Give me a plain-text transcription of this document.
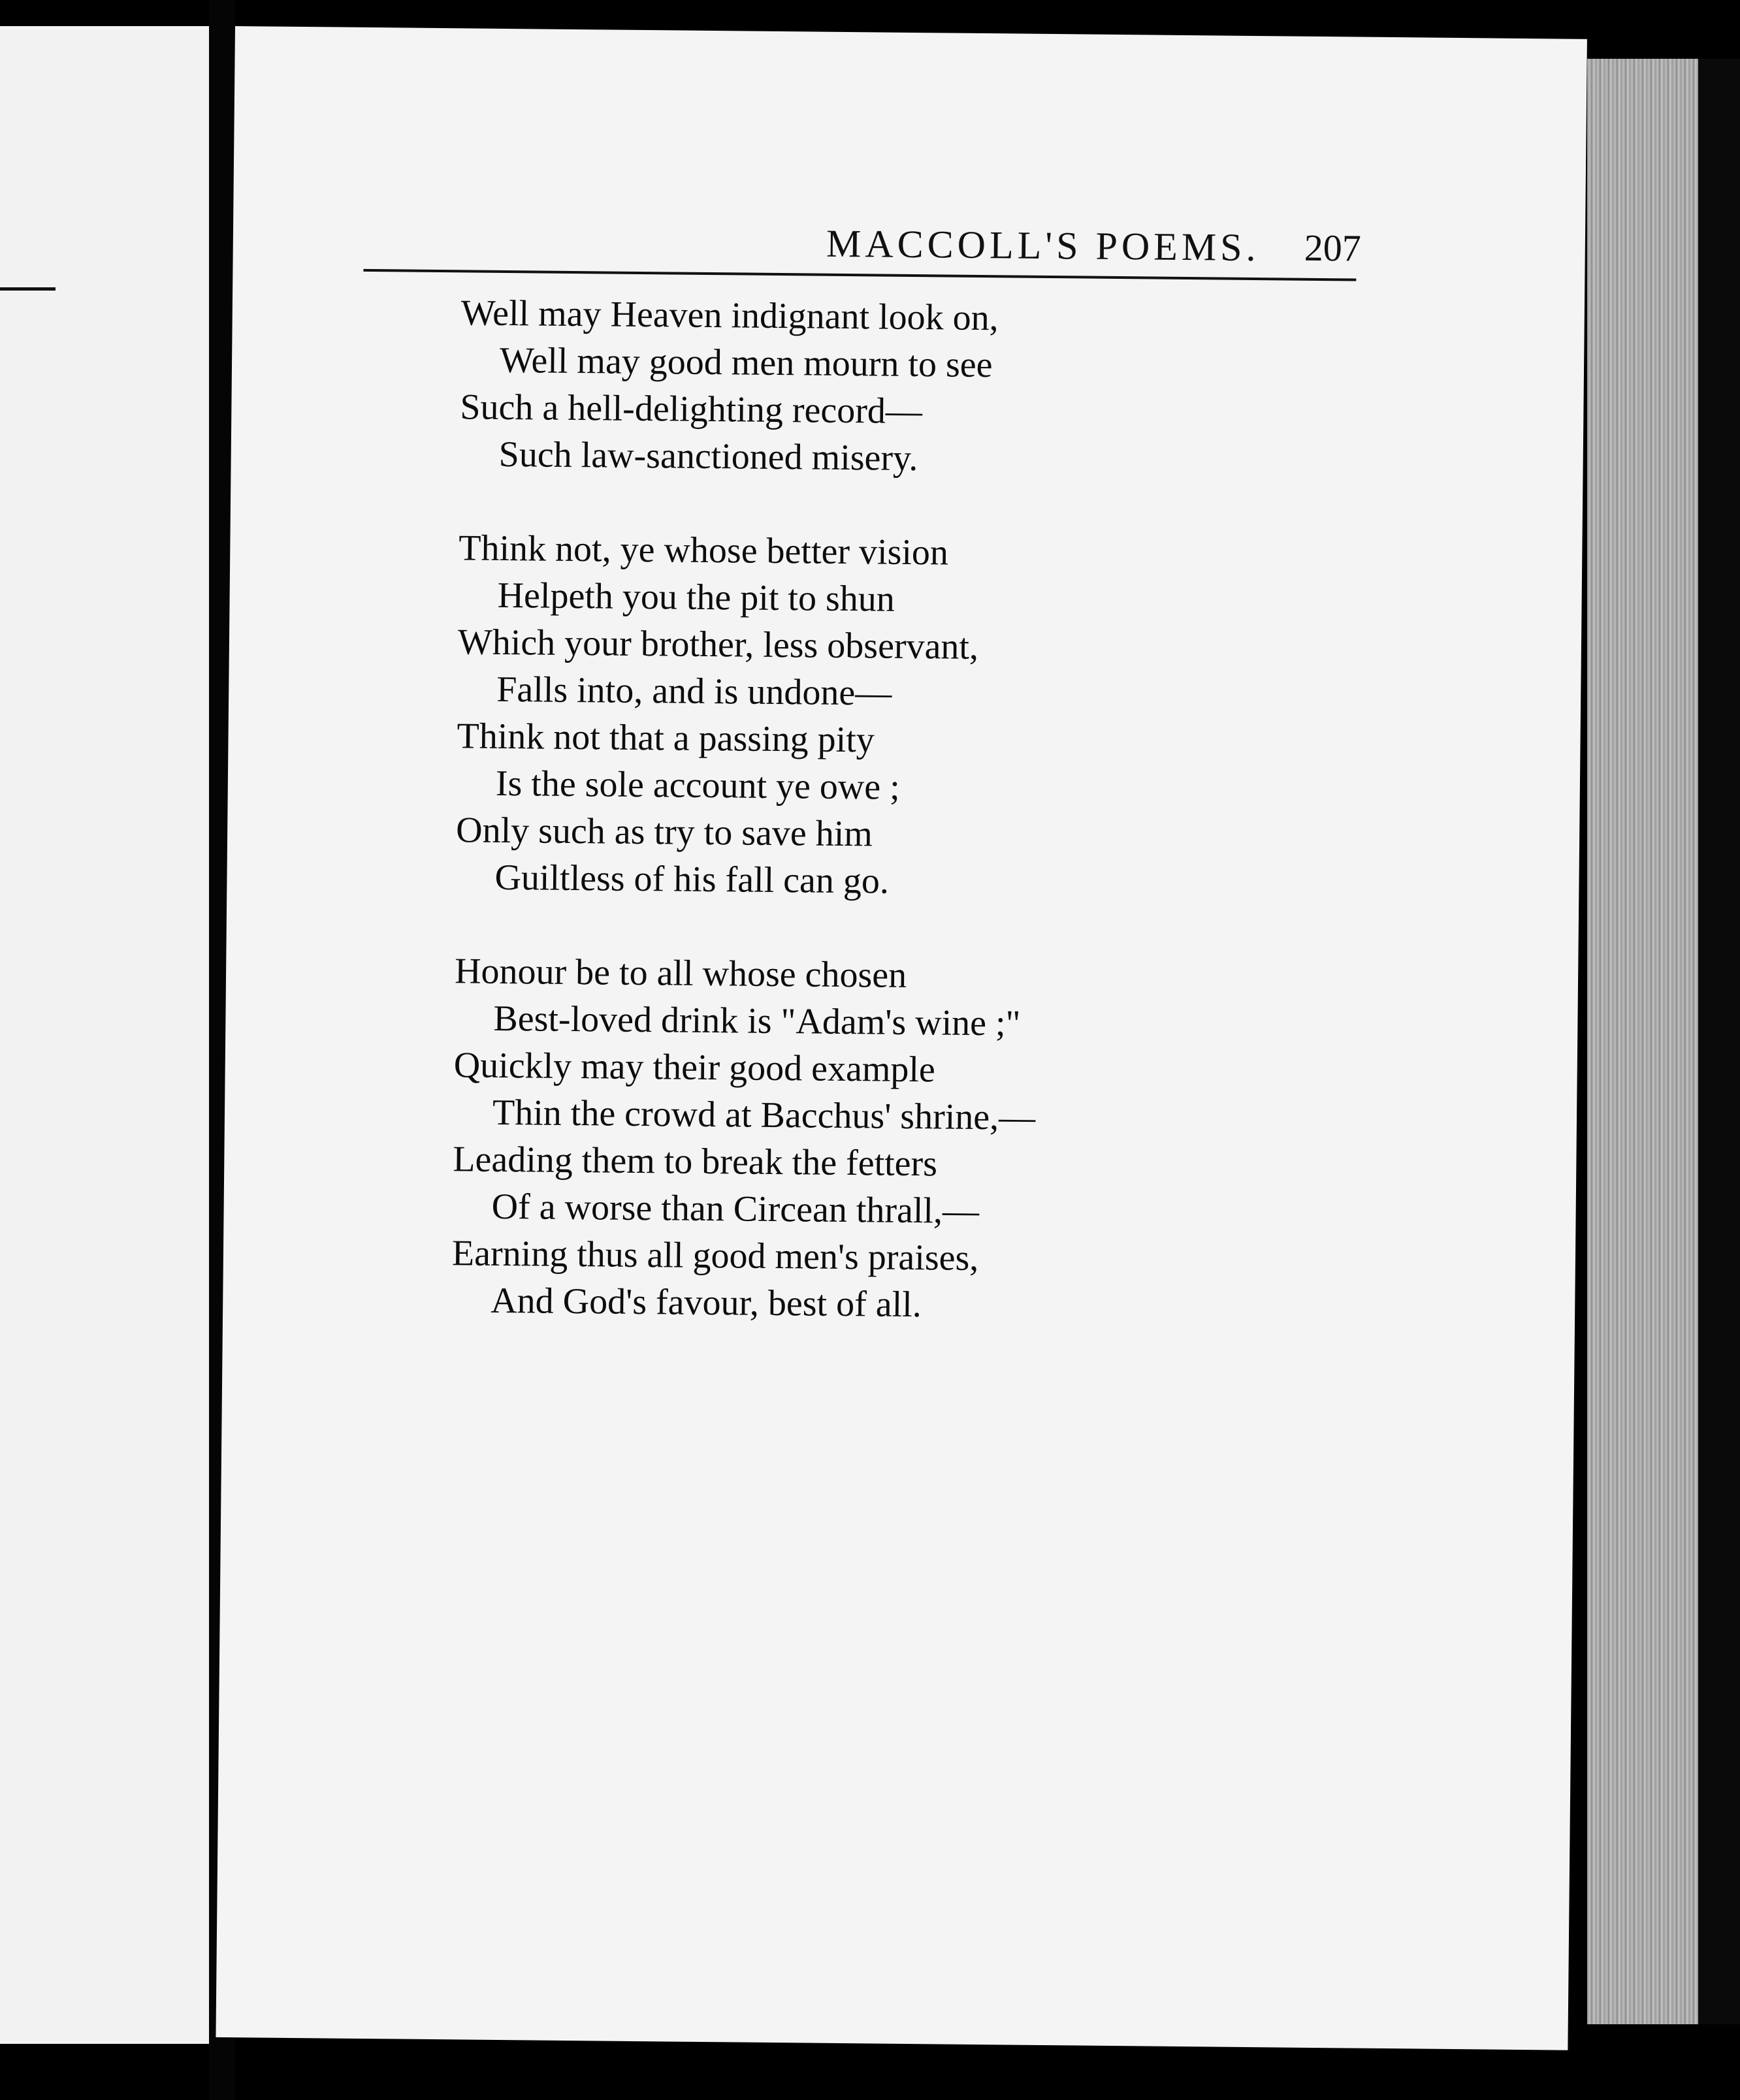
MACCOLL'S POEMS.	207
Well may Heaven indignant look on,
Well may good men mourn to see
Such a hell-delighting record—
Such law-sanctioned misery.
Think not, ye whose better vision
Helpeth you the pit to shun
Which your brother, less observant,
Falls into, and is undone—
Think not that a passing pity
Is the sole account ye owe ;
Only such as try to save him
Guiltless of his fall can go.
Honour be to all whose chosen
Best-loved drink is "Adam's wine ;"
Quickly may their good example
Thin the crowd at Bacchus' shrine,—
Leading them to break the fetters
Of a worse than Circean thrall,—
Earning thus all good men's praises,
And God's favour, best of all.
